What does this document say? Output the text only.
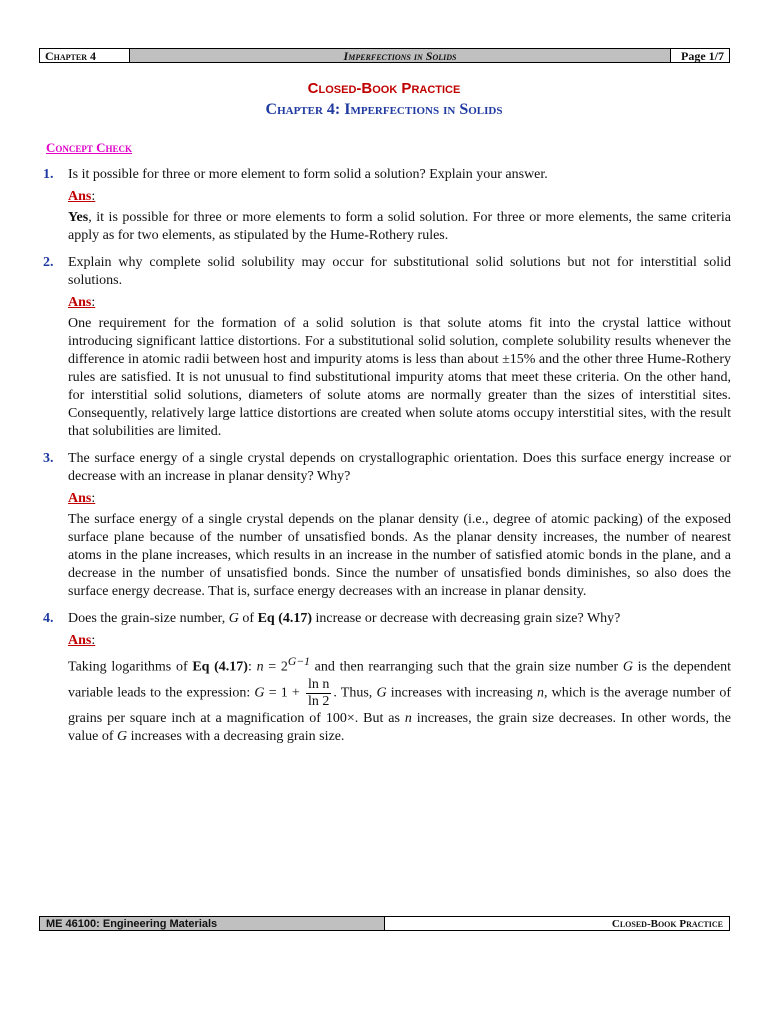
Chapter 4	Imperfections in Solids	Page 1/7
Closed-Book Practice
Chapter 4: Imperfections in Solids
Concept Check
1.	Is it possible for three or more element to form solid a solution? Explain your answer.
Ans:
Yes, it is possible for three or more elements to form a solid solution. For three or more elements, the same criteria apply as for two elements, as stipulated by the Hume-Rothery rules.
2.	Explain why complete solid solubility may occur for substitutional solid solutions but not for interstitial solid solutions.
Ans:
One requirement for the formation of a solid solution is that solute atoms fit into the crystal lattice without introducing significant lattice distortions. For a substitutional solid solution, complete solubility results whenever the difference in atomic radii between host and impurity atoms is less than about ±15% and the other three Hume-Rothery rules are satisfied. It is not unusual to find substitutional impurity atoms that meet these criteria. On the other hand, for interstitial solid solutions, diameters of solute atoms are normally greater than the sizes of interstitial sites. Consequently, relatively large lattice distortions are created when solute atoms occupy interstitial sites, with the result that solubilities are limited.
3.	The surface energy of a single crystal depends on crystallographic orientation. Does this surface energy increase or decrease with an increase in planar density? Why?
Ans:
The surface energy of a single crystal depends on the planar density (i.e., degree of atomic packing) of the exposed surface plane because of the number of unsatisfied bonds. As the planar density increases, the number of nearest atoms in the plane increases, which results in an increase in the number of satisfied atomic bonds in the plane, and a decrease in the number of unsatisfied bonds. Since the number of unsatisfied bonds diminishes, so also does the surface energy decrease. That is, surface energy decreases with an increase in planar density.
4.	Does the grain-size number, G of Eq (4.17) increase or decrease with decreasing grain size? Why?
Ans:
Taking logarithms of Eq (4.17): $n = 2^{G-1}$ and then rearranging such that the grain size number G is the dependent variable leads to the expression: $G = 1 + \frac{\text{ln n}}{\ln 2}$ . Thus, G increases with increasing n, which is the average number of grains per square inch at a magnification of 100×. But as n increases, the grain size decreases. In other words, the value of G increases with a decreasing grain size.
ME 46100: Engineering Materials	Closed-Book Practice
